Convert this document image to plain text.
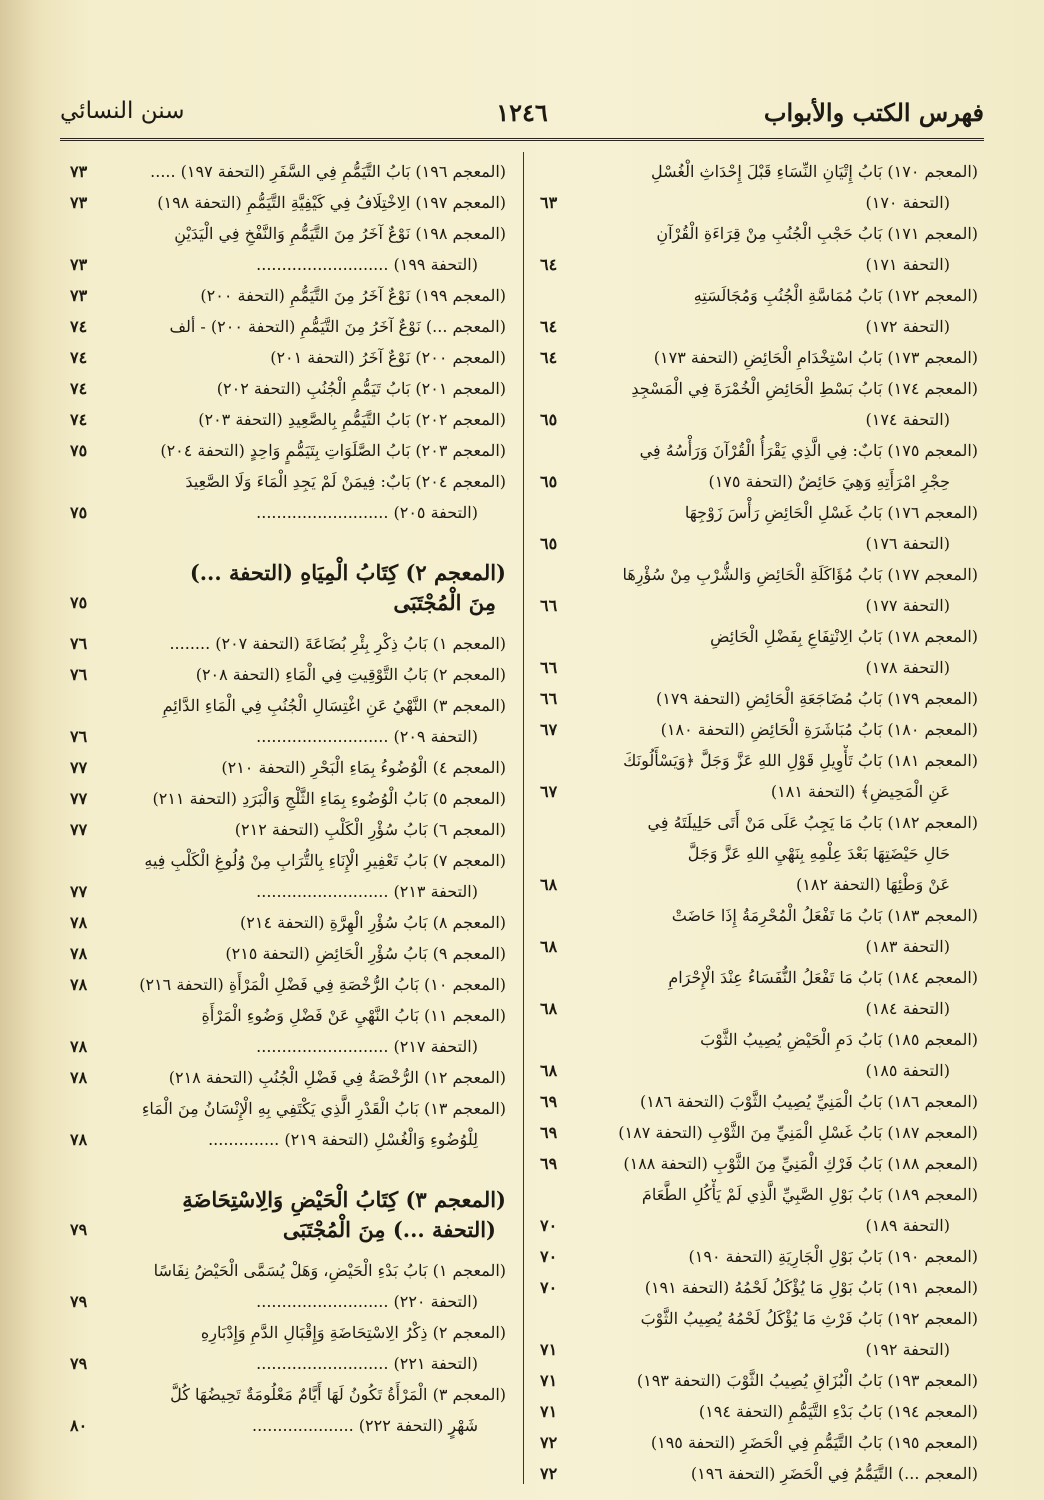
فهرس الكتب والأبواب
١٢٤٦
سنن النسائي
(المعجم ١٧٠) بَابُ إِتْيَانِ النِّسَاءِ قَبْلَ إِحْدَاثِ الْغُسْلِ
(التحفة ١٧٠)
٦٣
(المعجم ١٧١) بَابُ حَجْبِ الْجُنُبِ مِنْ قِرَاءَةِ الْقُرْآنِ
(التحفة ١٧١)
٦٤
(المعجم ١٧٢) بَابُ مُمَاسَّةِ الْجُنُبِ وَمُجَالَسَتِهِ
(التحفة ١٧٢)
٦٤
(المعجم ١٧٣) بَابُ اسْتِخْدَامِ الْحَائِضِ (التحفة ١٧٣)
٦٤
(المعجم ١٧٤) بَابُ بَسْطِ الْحَائِضِ الْخُمْرَةَ فِي الْمَسْجِدِ
(التحفة ١٧٤)
٦٥
(المعجم ١٧٥) بَابٌ: فِي الَّذِي يَقْرَأُ الْقُرْآنَ وَرَأْسُهُ فِي
حِجْرِ امْرَأَتِهِ وَهِيَ حَائِضٌ (التحفة ١٧٥)
٦٥
(المعجم ١٧٦) بَابُ غَسْلِ الْحَائِضِ رَأْسَ زَوْجِهَا
(التحفة ١٧٦)
٦٥
(المعجم ١٧٧) بَابُ مُؤَاكَلَةِ الْحَائِضِ وَالشُّرْبِ مِنْ سُؤْرِهَا
(التحفة ١٧٧)
٦٦
(المعجم ١٧٨) بَابُ الِانْتِفَاعِ بِفَضْلِ الْحَائِضِ
(التحفة ١٧٨)
٦٦
(المعجم ١٧٩) بَابُ مُضَاجَعَةِ الْحَائِضِ (التحفة ١٧٩)
٦٦
(المعجم ١٨٠) بَابُ مُبَاشَرَةِ الْحَائِضِ (التحفة ١٨٠)
٦٧
(المعجم ١٨١) بَابُ تَأْوِيلِ قَوْلِ اللهِ عَزَّ وَجَلَّ ﴿وَيَسْأَلُونَكَ
عَنِ الْمَحِيضِ﴾ (التحفة ١٨١)
٦٧
(المعجم ١٨٢) بَابُ مَا يَجِبُ عَلَى مَنْ أَتَى حَلِيلَتَهُ فِي
حَالِ حَيْضَتِهَا بَعْدَ عِلْمِهِ بِنَهْيِ اللهِ عَزَّ وَجَلَّ
عَنْ وَطْئِهَا (التحفة ١٨٢)
٦٨
(المعجم ١٨٣) بَابُ مَا تَفْعَلُ الْمُحْرِمَةُ إِذَا حَاضَتْ
(التحفة ١٨٣)
٦٨
(المعجم ١٨٤) بَابُ مَا تَفْعَلُ النُّفَسَاءُ عِنْدَ الْإِحْرَامِ
(التحفة ١٨٤)
٦٨
(المعجم ١٨٥) بَابُ دَمِ الْحَيْضِ يُصِيبُ الثَّوْبَ
(التحفة ١٨٥)
٦٨
(المعجم ١٨٦) بَابُ الْمَنِيِّ يُصِيبُ الثَّوْبَ (التحفة ١٨٦)
٦٩
(المعجم ١٨٧) بَابُ غَسْلِ الْمَنِيِّ مِنَ الثَّوْبِ (التحفة ١٨٧)
٦٩
(المعجم ١٨٨) بَابُ فَرْكِ الْمَنِيِّ مِنَ الثَّوْبِ (التحفة ١٨٨)
٦٩
(المعجم ١٨٩) بَابُ بَوْلِ الصَّبِيِّ الَّذِي لَمْ يَأْكُلِ الطَّعَامَ
(التحفة ١٨٩)
٧٠
(المعجم ١٩٠) بَابُ بَوْلِ الْجَارِيَةِ (التحفة ١٩٠)
٧٠
(المعجم ١٩١) بَابُ بَوْلِ مَا يُؤْكَلُ لَحْمُهُ (التحفة ١٩١)
٧٠
(المعجم ١٩٢) بَابُ فَرْثِ مَا يُؤْكَلُ لَحْمُهُ يُصِيبُ الثَّوْبَ
(التحفة ١٩٢)
٧١
(المعجم ١٩٣) بَابُ الْبُزَاقِ يُصِيبُ الثَّوْبَ (التحفة ١٩٣)
٧١
(المعجم ١٩٤) بَابُ بَدْءِ التَّيَمُّمِ (التحفة ١٩٤)
٧١
(المعجم ١٩٥) بَابُ التَّيَمُّمِ فِي الْحَضَرِ (التحفة ١٩٥)
٧٢
(المعجم ...) التَّيَمُّمُ فِي الْحَضَرِ (التحفة ١٩٦)
٧٢
(المعجم ١٩٦) بَابُ التَّيَمُّمِ فِي السَّفَرِ (التحفة ١٩٧) .....
٧٣
(المعجم ١٩٧) الِاخْتِلَافُ فِي كَيْفِيَّةِ التَّيَمُّمِ (التحفة ١٩٨)
٧٣
(المعجم ١٩٨) نَوْعٌ آخَرُ مِنَ التَّيَمُّمِ وَالنَّفْخِ فِي الْيَدَيْنِ
(التحفة ١٩٩) ..........................
٧٣
(المعجم ١٩٩) نَوْعٌ آخَرُ مِنَ التَّيَمُّمِ (التحفة ٢٠٠)
٧٣
(المعجم ...) نَوْعٌ آخَرُ مِنَ التَّيَمُّمِ (التحفة ٢٠٠) - ألف
٧٤
(المعجم ٢٠٠) نَوْعٌ آخَرُ (التحفة ٢٠١)
٧٤
(المعجم ٢٠١) بَابُ تَيَمُّمِ الْجُنُبِ (التحفة ٢٠٢)
٧٤
(المعجم ٢٠٢) بَابُ التَّيَمُّمِ بِالصَّعِيدِ (التحفة ٢٠٣)
٧٤
(المعجم ٢٠٣) بَابُ الصَّلَوَاتِ بِتَيَمُّمٍ وَاحِدٍ (التحفة ٢٠٤)
٧٥
(المعجم ٢٠٤) بَابٌ: فِيمَنْ لَمْ يَجِدِ الْمَاءَ وَلَا الصَّعِيدَ
(التحفة ٢٠٥) ..........................
٧٥
(المعجم ٢) كِتَابُ الْمِيَاهِ (التحفة ...)
مِنَ الْمُجْتَبَى
٧٥
(المعجم ١) بَابُ ذِكْرِ بِئْرِ بُضَاعَةَ (التحفة ٢٠٧) ........
٧٦
(المعجم ٢) بَابُ التَّوْقِيتِ فِي الْمَاءِ (التحفة ٢٠٨)
٧٦
(المعجم ٣) النَّهْيُ عَنِ اغْتِسَالِ الْجُنُبِ فِي الْمَاءِ الدَّائِمِ
(التحفة ٢٠٩) ..........................
٧٦
(المعجم ٤) الْوُضُوءُ بِمَاءِ الْبَحْرِ (التحفة ٢١٠)
٧٧
(المعجم ٥) بَابُ الْوُضُوءِ بِمَاءِ الثَّلْجِ وَالْبَرَدِ (التحفة ٢١١)
٧٧
(المعجم ٦) بَابُ سُؤْرِ الْكَلْبِ (التحفة ٢١٢)
٧٧
(المعجم ٧) بَابُ تَعْفِيرِ الْإِنَاءِ بِالتُّرَابِ مِنْ وُلُوغِ الْكَلْبِ فِيهِ
(التحفة ٢١٣) ..........................
٧٧
(المعجم ٨) بَابُ سُؤْرِ الْهِرَّةِ (التحفة ٢١٤)
٧٨
(المعجم ٩) بَابُ سُؤْرِ الْحَائِضِ (التحفة ٢١٥)
٧٨
(المعجم ١٠) بَابُ الرُّخْصَةِ فِي فَضْلِ الْمَرْأَةِ (التحفة ٢١٦)
٧٨
(المعجم ١١) بَابُ النَّهْيِ عَنْ فَضْلِ وَضُوءِ الْمَرْأَةِ
(التحفة ٢١٧) ..........................
٧٨
(المعجم ١٢) الرُّخْصَةُ فِي فَضْلِ الْجُنُبِ (التحفة ٢١٨)
٧٨
(المعجم ١٣) بَابُ الْقَدْرِ الَّذِي يَكْتَفِي بِهِ الْإِنْسَانُ مِنَ الْمَاءِ
لِلْوُضُوءِ وَالْغُسْلِ (التحفة ٢١٩) ..............
٧٨
(المعجم ٣) كِتَابُ الْحَيْضِ وَالِاسْتِحَاضَةِ
(التحفة ...) مِنَ الْمُجْتَبَى
٧٩
(المعجم ١) بَابُ بَدْءِ الْحَيْضِ، وَهَلْ يُسَمَّى الْحَيْضُ نِفَاسًا
(التحفة ٢٢٠) ..........................
٧٩
(المعجم ٢) ذِكْرُ الِاسْتِحَاضَةِ وَإِقْبَالِ الدَّمِ وَإِدْبَارِهِ
(التحفة ٢٢١) ..........................
٧٩
(المعجم ٣) الْمَرْأَةُ تَكُونُ لَهَا أَيَّامٌ مَعْلُومَةٌ تَحِيضُهَا كُلَّ
شَهْرٍ (التحفة ٢٢٢) ....................
٨٠
